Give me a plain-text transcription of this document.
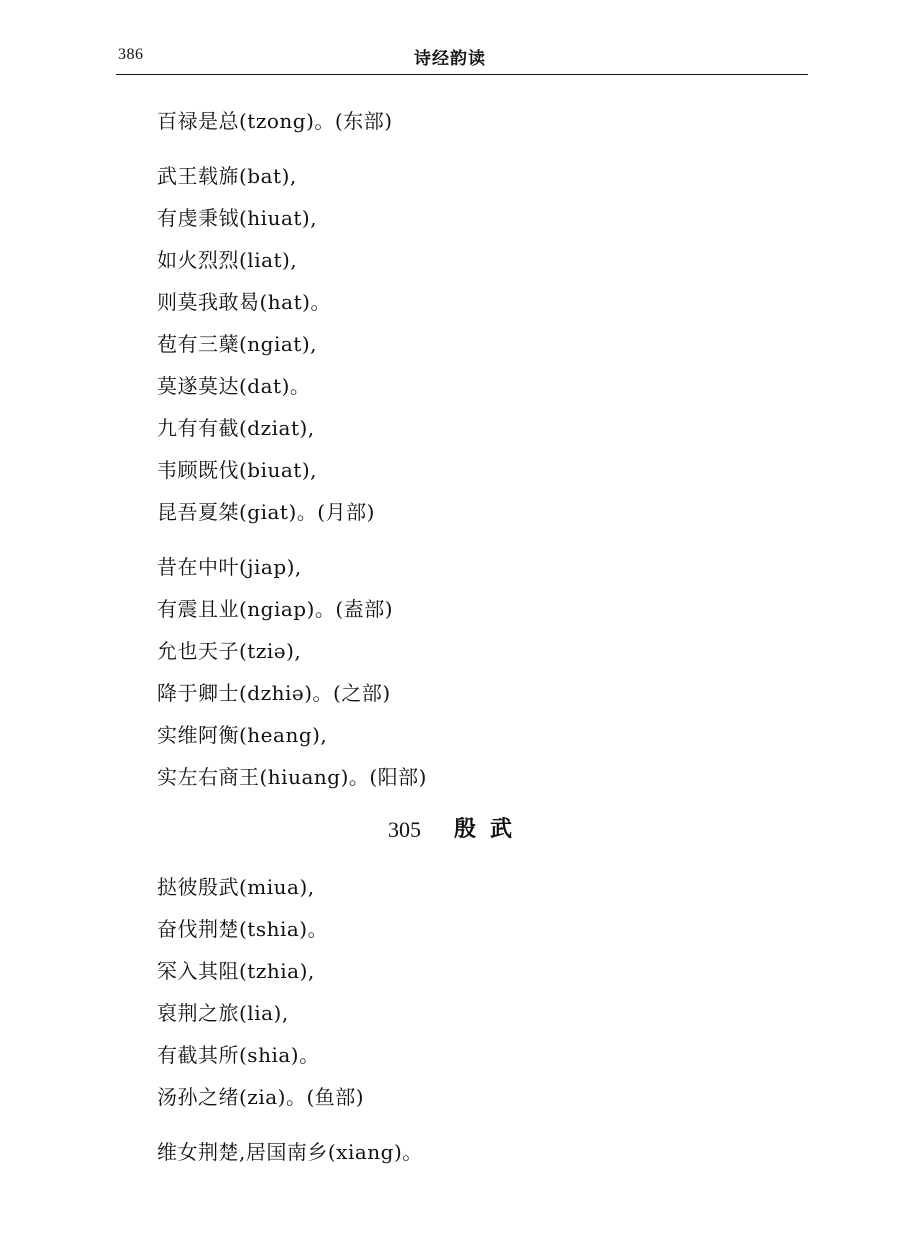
386	诗经韵读
百禄是总(tzong)。(东部)
武王载旆(bat),
有虔秉钺(hiuat),
如火烈烈(liat),
则莫我敢曷(hat)。
苞有三蘖(ngiat),
莫遂莫达(dat)。
九有有截(dziat),
韦顾既伐(biuat),
昆吾夏桀(giat)。(月部)
昔在中叶(jiap),
有震且业(ngiap)。(盍部)
允也天子(tziə),
降于卿士(dzhiə)。(之部)
实维阿衡(heang),
实左右商王(hiuang)。(阳部)
305 殷武
挞彼殷武(miua),
奋伐荆楚(tshia)。
罙入其阻(tzhia),
裒荆之旅(lia),
有截其所(shia)。
汤孙之绪(zia)。(鱼部)
维女荆楚,居国南乡(xiang)。
